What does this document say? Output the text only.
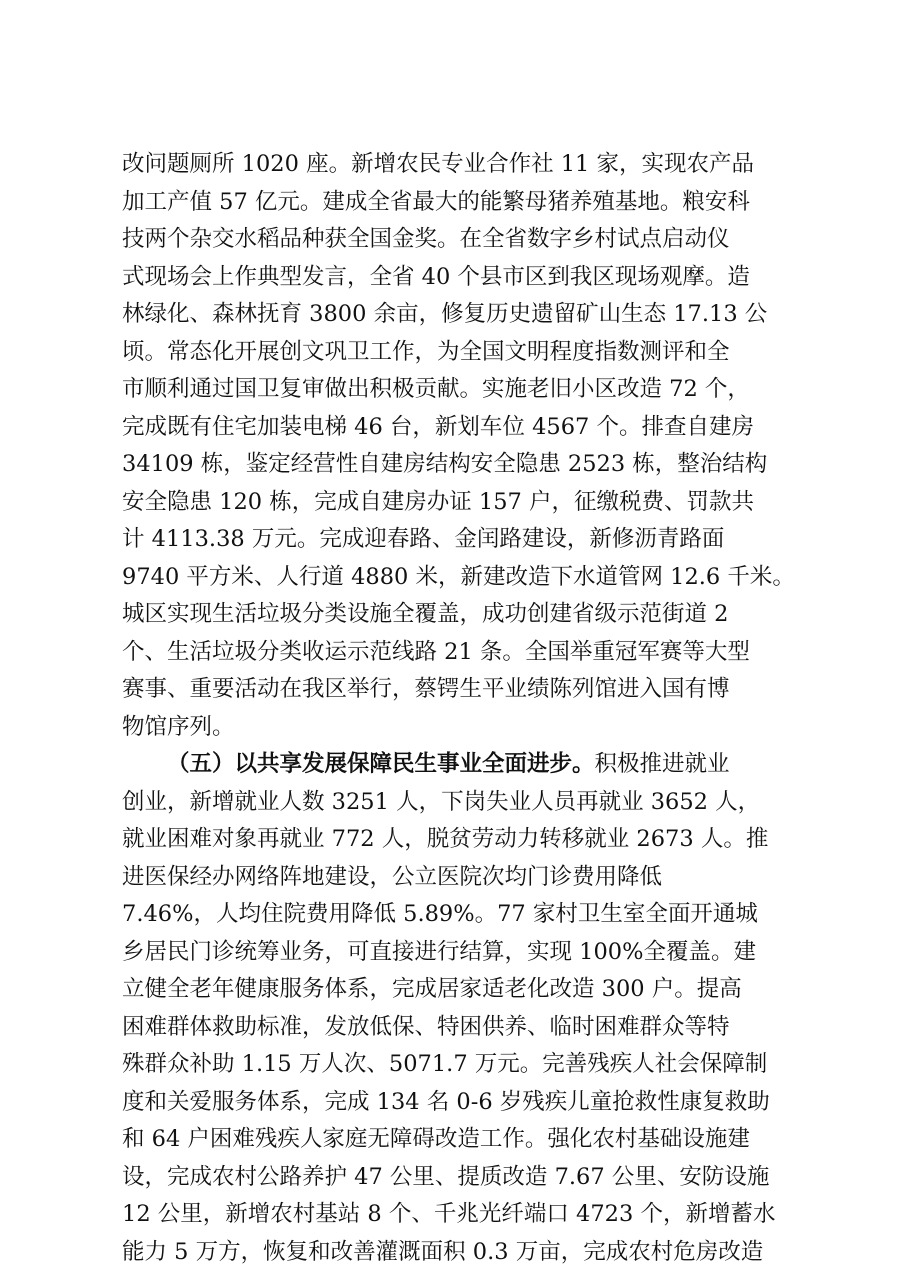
改问题厕所 1020 座。新增农民专业合作社 11 家，实现农产品
加工产值 57 亿元。建成全省最大的能繁母猪养殖基地。粮安科
技两个杂交水稻品种获全国金奖。在全省数字乡村试点启动仪
式现场会上作典型发言，全省 40 个县市区到我区现场观摩。造
林绿化、森林抚育 3800 余亩，修复历史遗留矿山生态 17.13 公
顷。常态化开展创文巩卫工作，为全国文明程度指数测评和全
市顺利通过国卫复审做出积极贡献。实施老旧小区改造 72 个，
完成既有住宅加装电梯 46 台，新划车位 4567 个。排查自建房
34109 栋，鉴定经营性自建房结构安全隐患 2523 栋，整治结构
安全隐患 120 栋，完成自建房办证 157 户，征缴税费、罚款共
计 4113.38 万元。完成迎春路、金闰路建设，新修沥青路面
9740 平方米、人行道 4880 米，新建改造下水道管网 12.6 千米。
城区实现生活垃圾分类设施全覆盖，成功创建省级示范街道 2
个、生活垃圾分类收运示范线路 21 条。全国举重冠军赛等大型
赛事、重要活动在我区举行，蔡锷生平业绩陈列馆进入国有博
物馆序列。
（五）以共享发展保障民生事业全面进步。积极推进就业
创业，新增就业人数 3251 人，下岗失业人员再就业 3652 人，
就业困难对象再就业 772 人，脱贫劳动力转移就业 2673 人。推
进医保经办网络阵地建设，公立医院次均门诊费用降低
7.46%，人均住院费用降低 5.89%。77 家村卫生室全面开通城
乡居民门诊统筹业务，可直接进行结算，实现 100%全覆盖。建
立健全老年健康服务体系，完成居家适老化改造 300 户。提高
困难群体救助标准，发放低保、特困供养、临时困难群众等特
殊群众补助 1.15 万人次、5071.7 万元。完善残疾人社会保障制
度和关爱服务体系，完成 134 名 0-6 岁残疾儿童抢救性康复救助
和 64 户困难残疾人家庭无障碍改造工作。强化农村基础设施建
设，完成农村公路养护 47 公里、提质改造 7.67 公里、安防设施
12 公里，新增农村基站 8 个、千兆光纤端口 4723 个，新增蓄水
能力 5 万方，恢复和改善灌溉面积 0.3 万亩，完成农村危房改造
